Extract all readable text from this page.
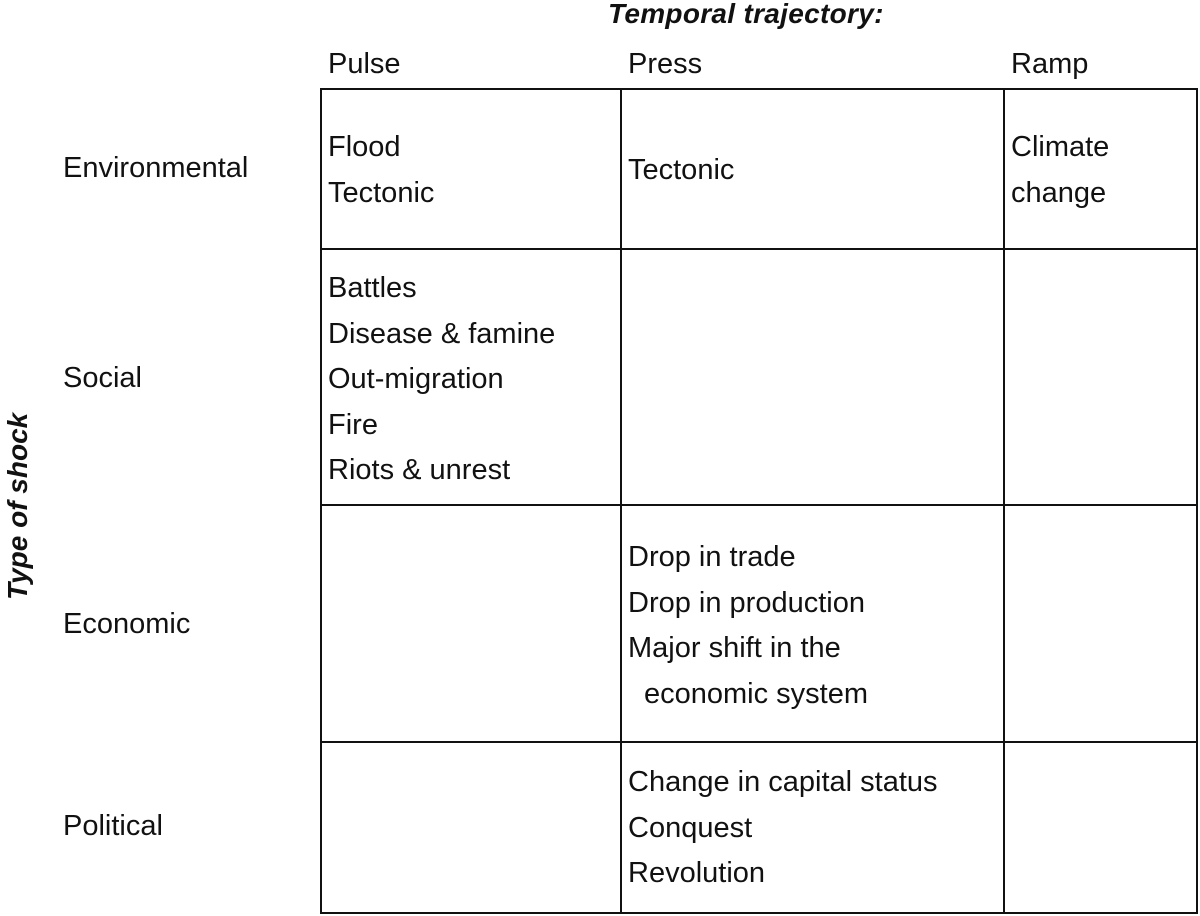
Temporal trajectory:
Type of shock
Pulse	Press	Ramp
Environmental
Social
Economic
Political
Flood
Tectonic
Tectonic
Climate
change
Battles
Disease & famine
Out-migration
Fire
Riots & unrest
Drop in trade
Drop in production
Major shift in the
economic system
Change in capital status
Conquest
Revolution
